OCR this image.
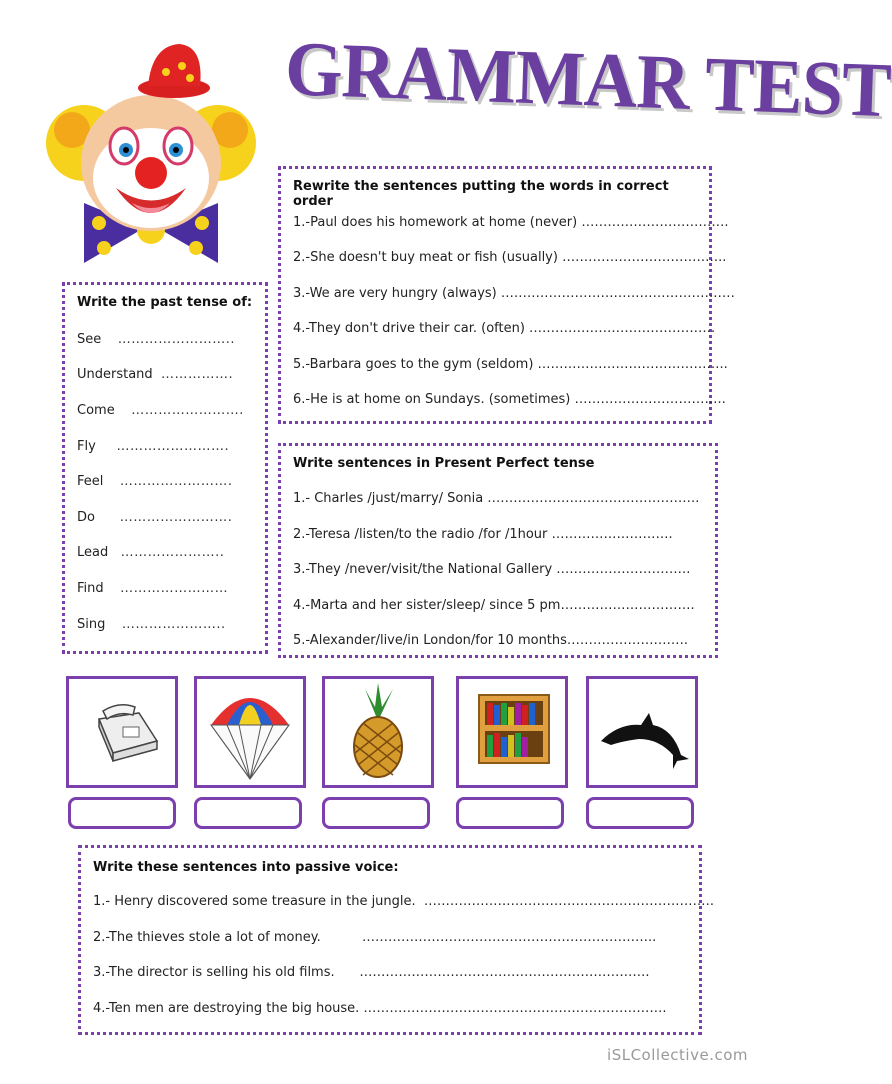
GRAMMAR TEST
Rewrite the sentences putting the words in correct order
1.-Paul does his homework at home (never) …………………………….
2.-She doesn't buy meat or fish (usually) ………………………………..
3.-We are very hungry (always) ………………………………………………
4.-They don't drive their car. (often) …………………………………….
5.-Barbara goes to the gym (seldom) ……………………………………..
6.-He is at home on Sundays. (sometimes) ……………………………..
Write the past tense of:
See ……………………..
Understand …………….
Come …………………….
Fly …………………….
Feel …………………….
Do …………………….
Lead …………………..
Find ……………………
Sing …………………..
Write sentences in Present Perfect tense
1.- Charles /just/marry/ Sonia ………………………………………….
2.-Teresa /listen/to the radio /for /1hour ……………………….
3.-They /never/visit/the National Gallery ………………………….
4.-Marta and her sister/sleep/ since 5 pm………………………….
5.-Alexander/live/in London/for 10 months……………………….
Write these sentences into passive voice:
1.- Henry discovered some treasure in the jungle.  ………………………………………………………….
2.-The thieves stole a lot of money.          …………………………………………………………..
3.-The director is selling his old films.      ………………………………………………………….
4.-Ten men are destroying the big house. …………………………………………………………….
iSLCollective.com
